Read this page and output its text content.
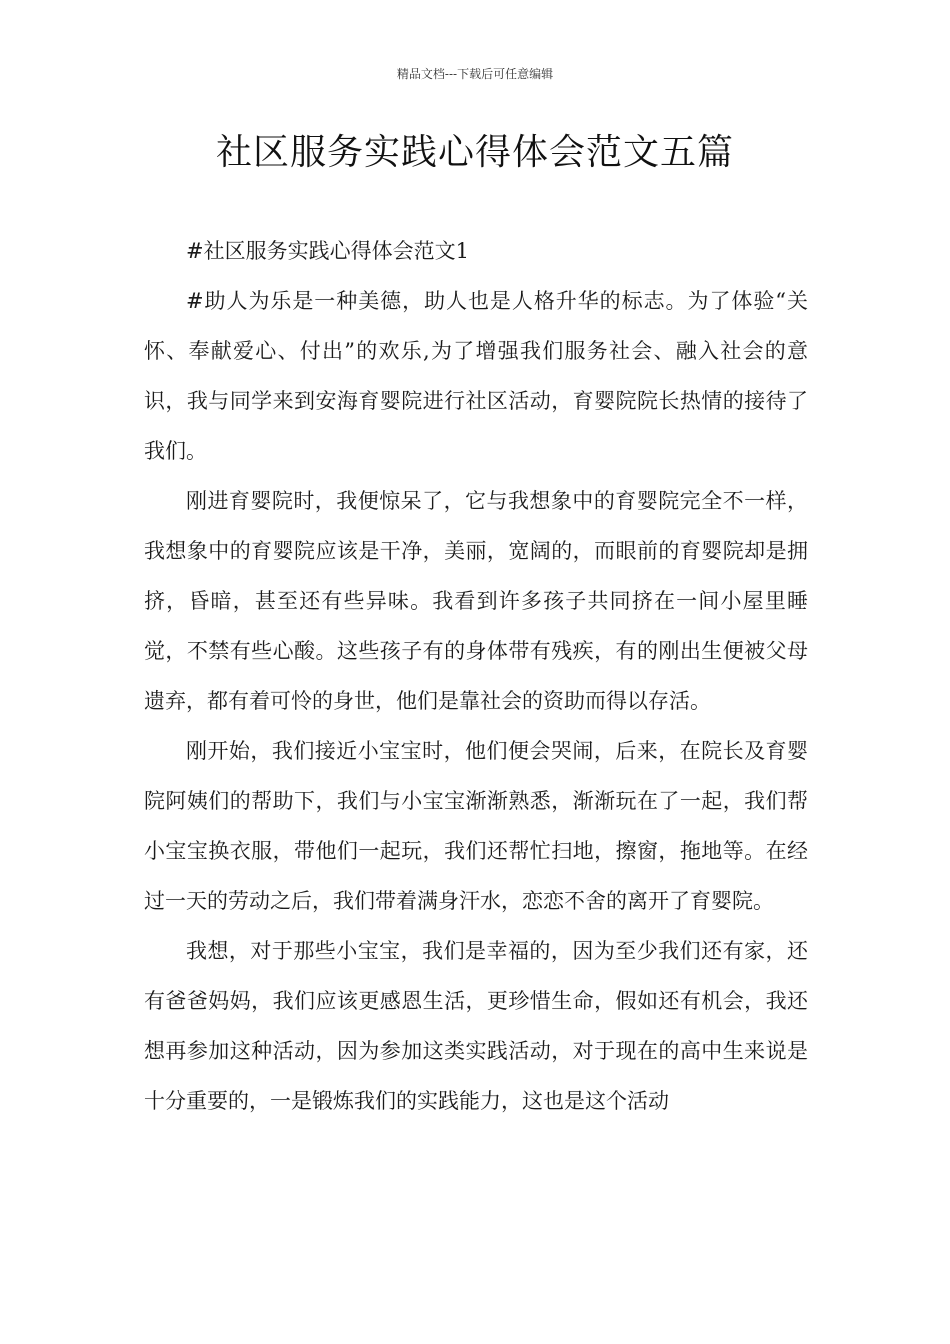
精品文档---下载后可任意编辑
社区服务实践心得体会范文五篇

#社区服务实践心得体会范文1

#助人为乐是一种美德，助人也是人格升华的标志。为了体验“关怀、奉献爱心、付出”的欢乐,为了增强我们服务社会、融入社会的意识，我与同学来到安海育婴院进行社区活动，育婴院院长热情的接待了我们。

刚进育婴院时，我便惊呆了，它与我想象中的育婴院完全不一样，我想象中的育婴院应该是干净，美丽，宽阔的，而眼前的育婴院却是拥挤，昏暗，甚至还有些异味。我看到许多孩子共同挤在一间小屋里睡觉，不禁有些心酸。这些孩子有的身体带有残疾，有的刚出生便被父母遗弃，都有着可怜的身世，他们是靠社会的资助而得以存活。

刚开始，我们接近小宝宝时，他们便会哭闹，后来，在院长及育婴院阿姨们的帮助下，我们与小宝宝渐渐熟悉，渐渐玩在了一起，我们帮小宝宝换衣服，带他们一起玩，我们还帮忙扫地，擦窗，拖地等。在经过一天的劳动之后，我们带着满身汗水，恋恋不舍的离开了育婴院。

我想，对于那些小宝宝，我们是幸福的，因为至少我们还有家，还有爸爸妈妈，我们应该更感恩生活，更珍惜生命，假如还有机会，我还想再参加这种活动，因为参加这类实践活动，对于现在的高中生来说是十分重要的，一是锻炼我们的实践能力，这也是这个活动
